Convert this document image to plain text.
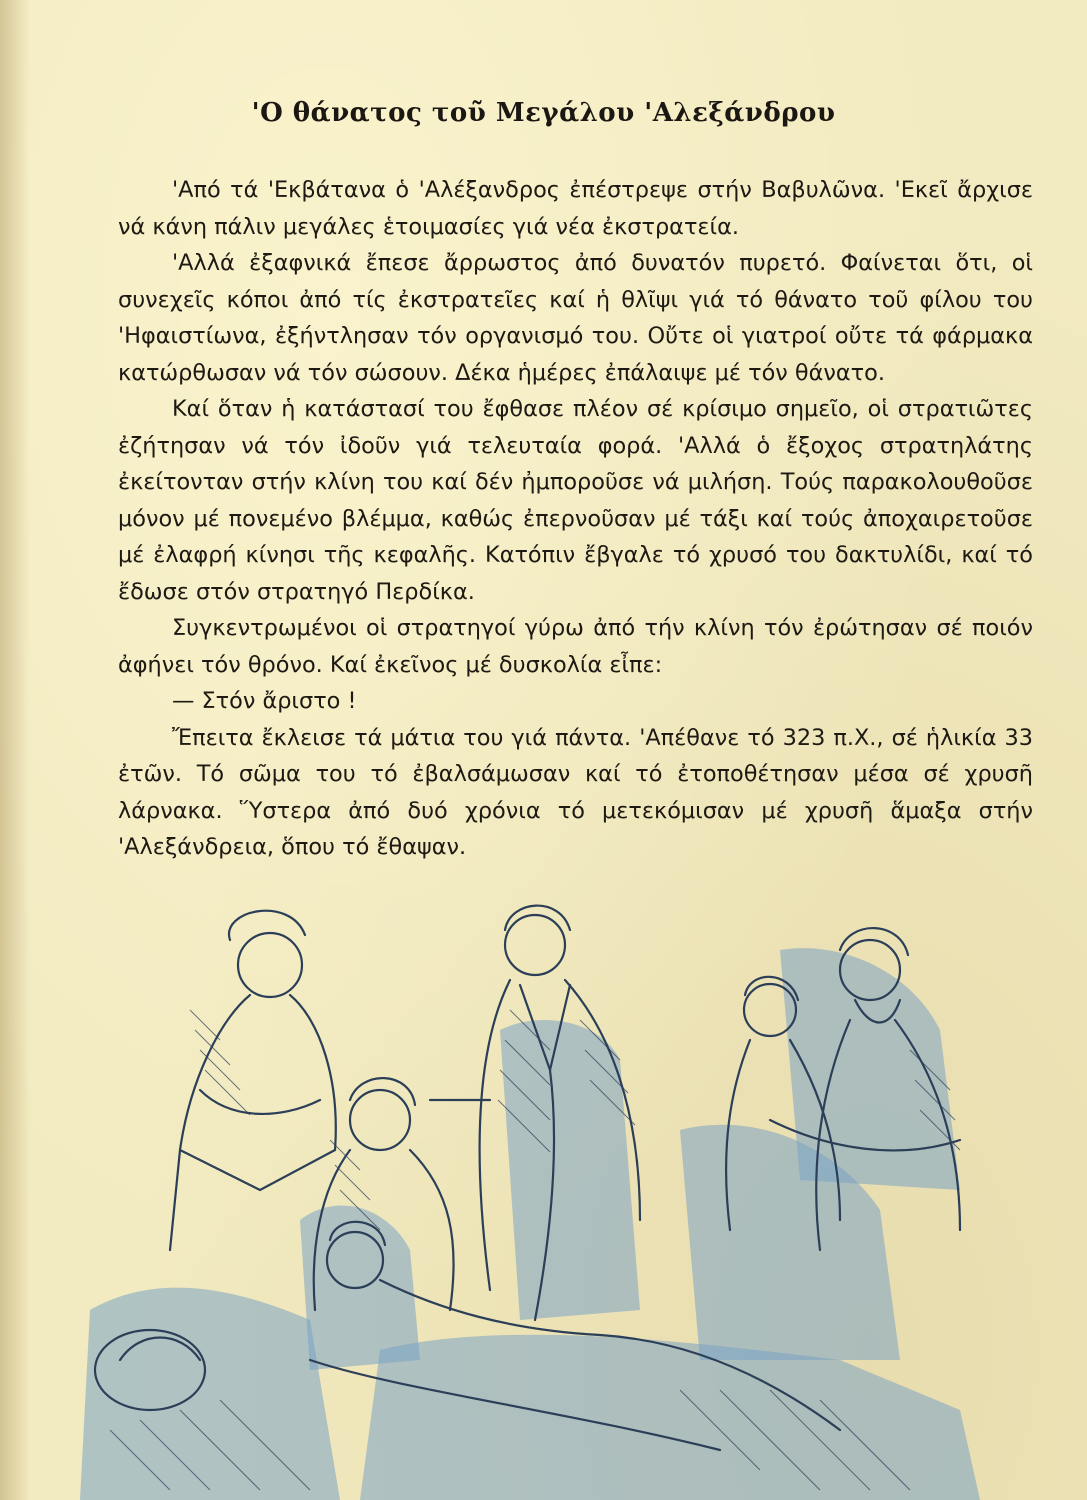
'Ο θάνατος τοῦ Μεγάλου 'Αλεξάνδρου

'Από τά 'Εκβάτανα ὁ 'Αλέξανδρος ἐπέστρεψε στήν Βαβυλῶνα. 'Εκεῖ ἄρχισε νά κάνη πάλιν μεγάλες ἑτοιμασίες γιά νέα ἐκστρατεία.

'Αλλά ἐξαφνικά ἔπεσε ἄρρωστος ἀπό δυνατόν πυρετό. Φαίνεται ὅτι, οἱ συνεχεῖς κόποι ἀπό τίς ἐκστρατεῖες καί ἡ θλῖψι γιά τό θάνατο τοῦ φίλου του 'Ηφαιστίωνα, ἐξήντλησαν τόν οργανισμό του. Οὔτε οἱ γιατροί οὔτε τά φάρμακα κατώρθωσαν νά τόν σώσουν. Δέκα ἡμέρες ἐπάλαιψε μέ τόν θάνατο.

Καί ὅταν ἡ κατάστασί του ἔφθασε πλέον σέ κρίσιμο σημεῖο, οἱ στρατιῶτες ἐζήτησαν νά τόν ἰδοῦν γιά τελευταία φορά. 'Αλλά ὁ ἔξοχος στρατηλάτης ἐκείτονταν στήν κλίνη του καί δέν ἠμποροῦσε νά μιλήση. Τούς παρακολουθοῦσε μόνον μέ πονεμένο βλέμμα, καθώς ἐπερνοῦσαν μέ τάξι καί τούς ἀποχαιρετοῦσε μέ ἐλαφρή κίνησι τῆς κεφαλῆς. Κατόπιν ἔβγαλε τό χρυσό του δακτυλίδι, καί τό ἔδωσε στόν στρατηγό Περδίκα.

Συγκεντρωμένοι οἱ στρατηγοί γύρω ἀπό τήν κλίνη τόν ἐρώτησαν σέ ποιόν ἀφήνει τόν θρόνο. Καί ἐκεῖνος μέ δυσκολία εἶπε:

— Στόν ἄριστο !

Ἔπειτα ἔκλεισε τά μάτια του γιά πάντα. 'Απέθανε τό 323 π.Χ., σέ ἡλικία 33 ἐτῶν. Τό σῶμα του τό ἐβαλσάμωσαν καί τό ἐτοποθέτησαν μέσα σέ χρυσῆ λάρνακα. Ὕστερα ἀπό δυό χρόνια τό μετεκόμισαν μέ χρυσῆ ἅμαξα στήν 'Αλεξάνδρεια, ὅπου τό ἔθαψαν.
